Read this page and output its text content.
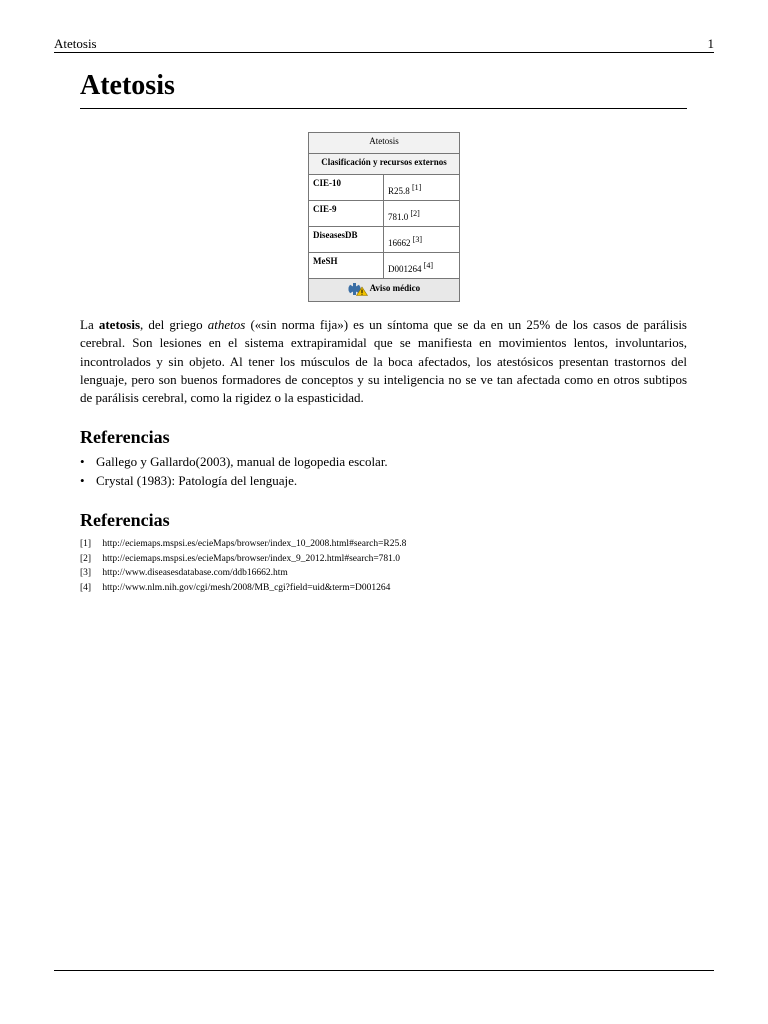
Atetosis	1
Atetosis
Atetosis	
Clasificación y recursos externos	
CIE-10	R25.8 [1]
CIE-9	781.0 [2]
DiseasesDB	16662 [3]
MeSH	D001264 [4]
Aviso médico	

La atetosis, del griego athetos («sin norma fija») es un síntoma que se da en un 25% de los casos de parálisis cerebral. Son lesiones en el sistema extrapiramidal que se manifiesta en movimientos lentos, involuntarios, incontrolados y sin objeto. Al tener los músculos de la boca afectados, los atestósicos presentan trastornos del lenguaje, pero son buenos formadores de conceptos y su inteligencia no se ve tan afectada como en otros subtipos de parálisis cerebral, como la rigidez o la espasticidad.

Referencias
• Gallego y Gallardo(2003), manual de logopedia escolar.
• Crystal (1983): Patología del lenguaje.
Referencias
[1] http://eciemaps.mspsi.es/ecieMaps/browser/index_10_2008.html#search=R25.8
[2] http://eciemaps.mspsi.es/ecieMaps/browser/index_9_2012.html#search=781.0
[3] http://www.diseasesdatabase.com/ddb16662.htm
[4] http://www.nlm.nih.gov/cgi/mesh/2008/MB_cgi?field=uid&term=D001264
